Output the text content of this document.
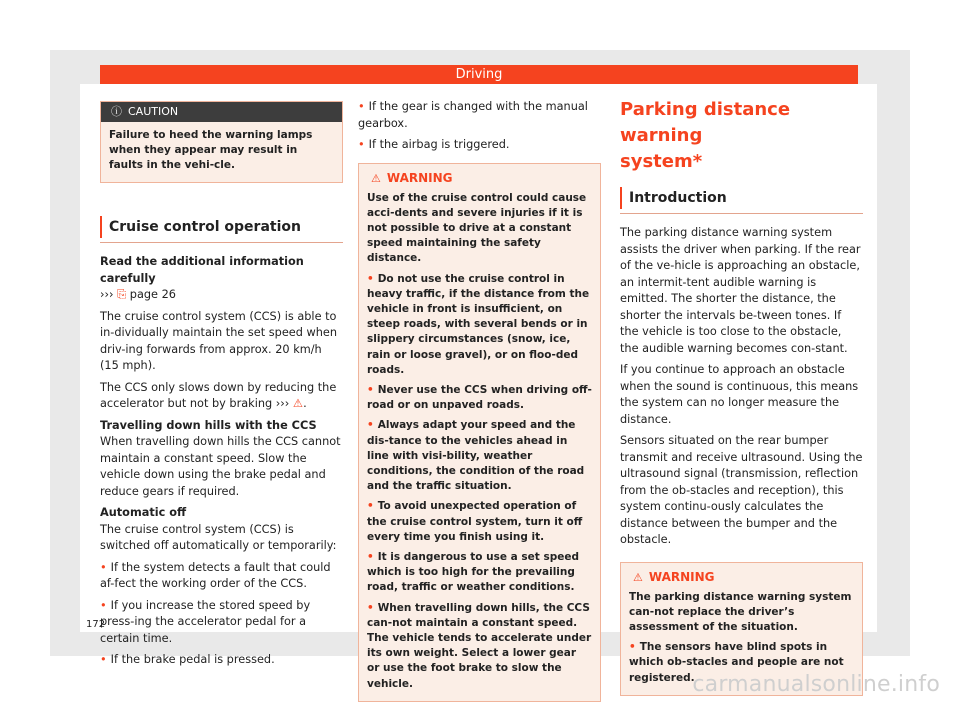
Driving
ⓘ CAUTION
Failure to heed the warning lamps when they appear may result in faults in the vehi-cle.
Cruise control operation

Read the additional information carefully

››› ⎘ page 26

The cruise control system (CCS) is able to in-dividually maintain the set speed when driv-ing forwards from approx. 20 km/h (15 mph).

The CCS only slows down by reducing the accelerator but not by braking ››› ⚠.

Travelling down hills with the CCS

When travelling down hills the CCS cannot maintain a constant speed. Slow the vehicle down using the brake pedal and reduce gears if required.

Automatic off

The cruise control system (CCS) is switched off automatically or temporarily:

• If the system detects a fault that could af-fect the working order of the CCS.

• If you increase the stored speed by press-ing the accelerator pedal for a certain time.

• If the brake pedal is pressed.

• If the gear is changed with the manual gearbox.

• If the airbag is triggered.

⚠ WARNING

Use of the cruise control could cause acci-dents and severe injuries if it is not possible to drive at a constant speed maintaining the safety distance.

• Do not use the cruise control in heavy traffic, if the distance from the vehicle in front is insufficient, on steep roads, with several bends or in slippery circumstances (snow, ice, rain or loose gravel), or on floo-ded roads.

• Never use the CCS when driving off-road or on unpaved roads.

• Always adapt your speed and the dis-tance to the vehicles ahead in line with visi-bility, weather conditions, the condition of the road and the traffic situation.

• To avoid unexpected operation of the cruise control system, turn it off every time you finish using it.

• It is dangerous to use a set speed which is too high for the prevailing road, traffic or weather conditions.

• When travelling down hills, the CCS can-not maintain a constant speed. The vehicle tends to accelerate under its own weight. Select a lower gear or use the foot brake to slow the vehicle.

Parking distance warning
system*
Introduction

The parking distance warning system assists the driver when parking. If the rear of the ve-hicle is approaching an obstacle, an intermit-tent audible warning is emitted. The shorter the distance, the shorter the intervals be-tween tones. If the vehicle is too close to the obstacle, the audible warning becomes con-stant.

If you continue to approach an obstacle when the sound is continuous, this means the system can no longer measure the distance.

Sensors situated on the rear bumper transmit and receive ultrasound. Using the ultrasound signal (transmission, reflection from the ob-stacles and reception), this system continu-ously calculates the distance between the bumper and the obstacle.

⚠ WARNING

The parking distance warning system can-not replace the driver’s assessment of the situation.

• The sensors have blind spots in which ob-stacles and people are not registered.

172
carmanualsonline.info
